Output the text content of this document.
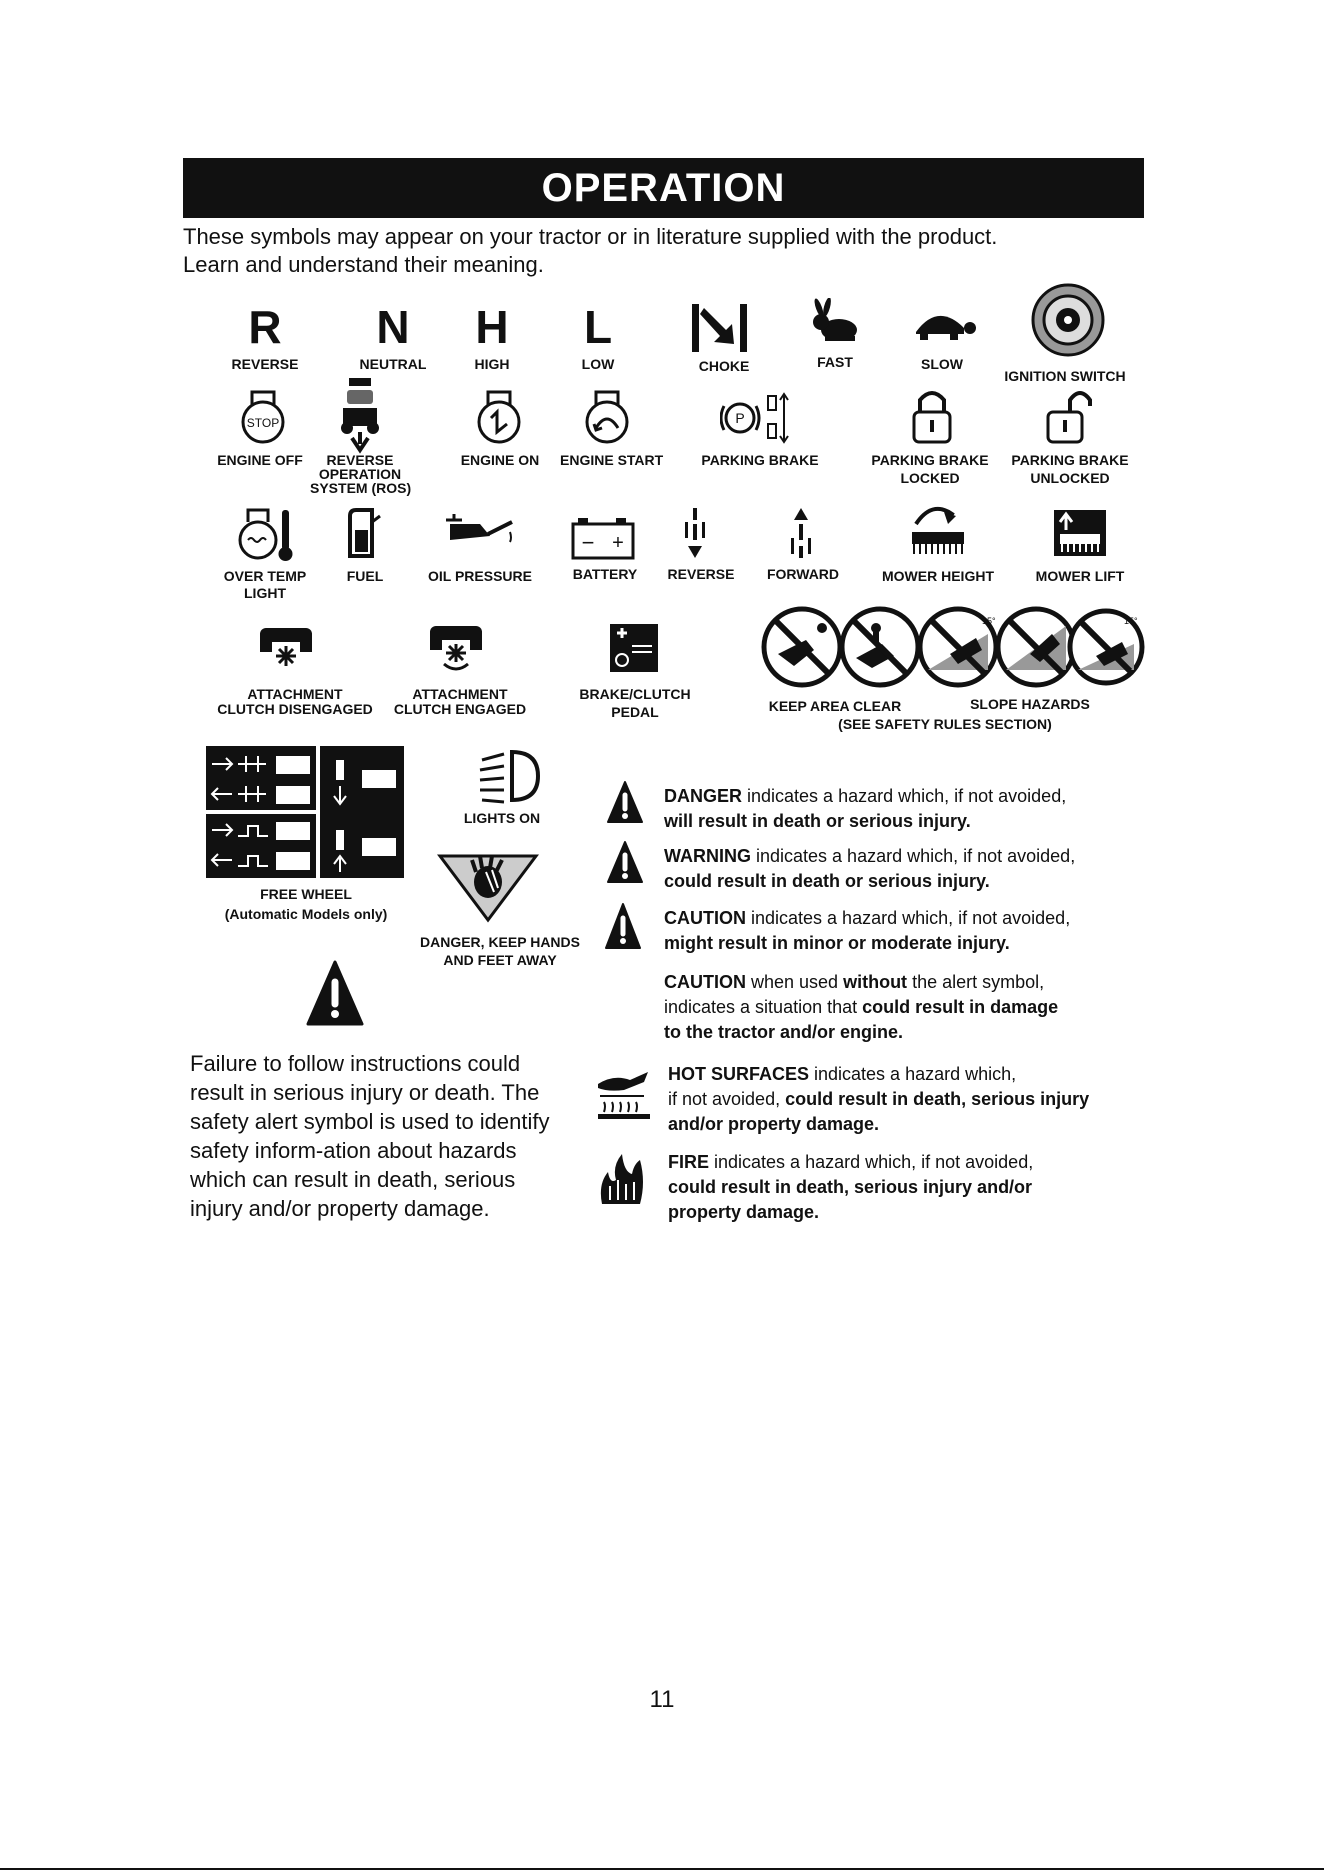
OPERATION
These symbols may appear on your tractor or in literature supplied with the product.
Learn and understand their meaning.
R
REVERSE
N
NEUTRAL
H
HIGH
L
LOW	CHOKE	FAST	SLOW
IGNITION SWITCH
STOP
ENGINE OFF	REVERSE
OPERATION
SYSTEM (ROS)
ENGINE ON	ENGINE START
P
PARKING BRAKE	PARKING BRAKE
LOCKED
PARKING BRAKE
UNLOCKED
OVER TEMP
LIGHT
FUEL	OIL PRESSURE
− +
BATTERY	REVERSE	FORWARD	MOWER HEIGHT	MOWER LIFT
ATTACHMENT
CLUTCH DISENGAGED
ATTACHMENT
CLUTCH ENGAGED
BRAKE/CLUTCH
PEDAL
15°	15°
KEEP AREA CLEAR	SLOPE HAZARDS
(SEE SAFETY RULES SECTION)
FREE WHEEL
(Automatic Models only)
LIGHTS ON
DANGER, KEEP HANDS
AND FEET AWAY
Failure to follow instructions could result in serious injury or death. The safety alert symbol is used to identify safety inform-ation about hazards which can result in death, serious injury and/or property damage.
DANGER indicates a hazard which, if not avoided,
will result in death or serious injury.
WARNING indicates a hazard which, if not avoided,
could result in death or serious injury.
CAUTION indicates a hazard which, if not avoided,
might result in minor or moderate injury.
CAUTION when used without the alert symbol,
indicates a situation that could result in damage
to the tractor and/or engine.
HOT SURFACES indicates a hazard which,
if not avoided, could result in death, serious injury
and/or property damage.
FIRE indicates a hazard which, if not avoided,
could result in death, serious injury and/or
property damage.
11
